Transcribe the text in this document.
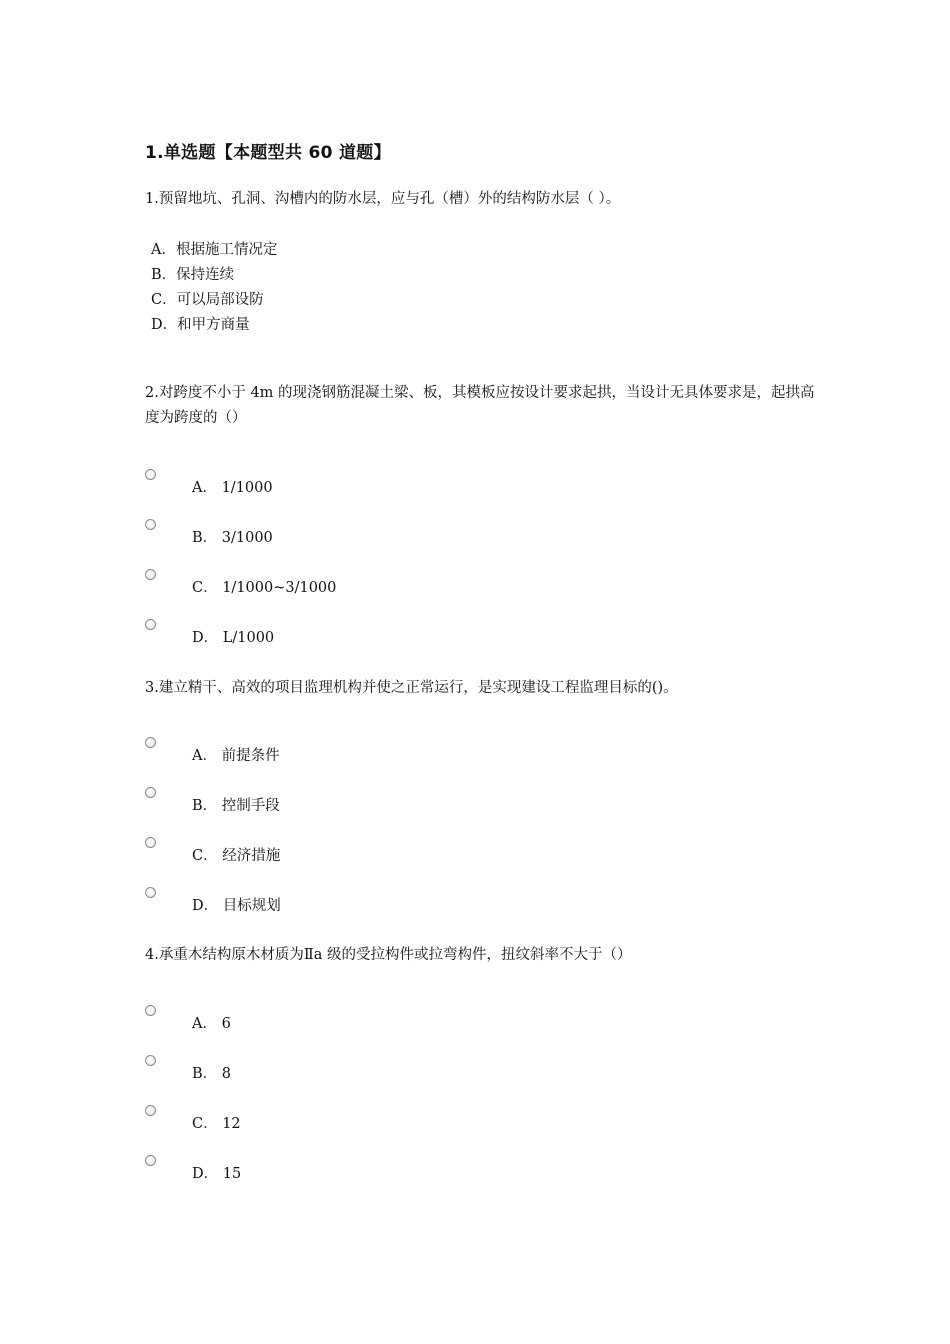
1.单选题【本题型共 60 道题】
1.预留地坑、孔洞、沟槽内的防水层，应与孔（槽）外的结构防水层（ ）。
A．根据施工情况定
B．保持连续
C．可以局部设防
D．和甲方商量
2.对跨度不小于 4m 的现浇钢筋混凝土梁、板，其模板应按设计要求起拱，当设计无具体要求是，起拱高度为跨度的（）
A． 1/1000
B． 3/1000
C． 1/1000~3/1000
D． L/1000
3.建立精干、高效的项目监理机构并使之正常运行，是实现建设工程监理目标的()。
A． 前提条件
B． 控制手段
C． 经济措施
D． 目标规划
4.承重木结构原木材质为Ⅱa 级的受拉构件或拉弯构件，扭纹斜率不大于（）
A． 6
B． 8
C． 12
D． 15
